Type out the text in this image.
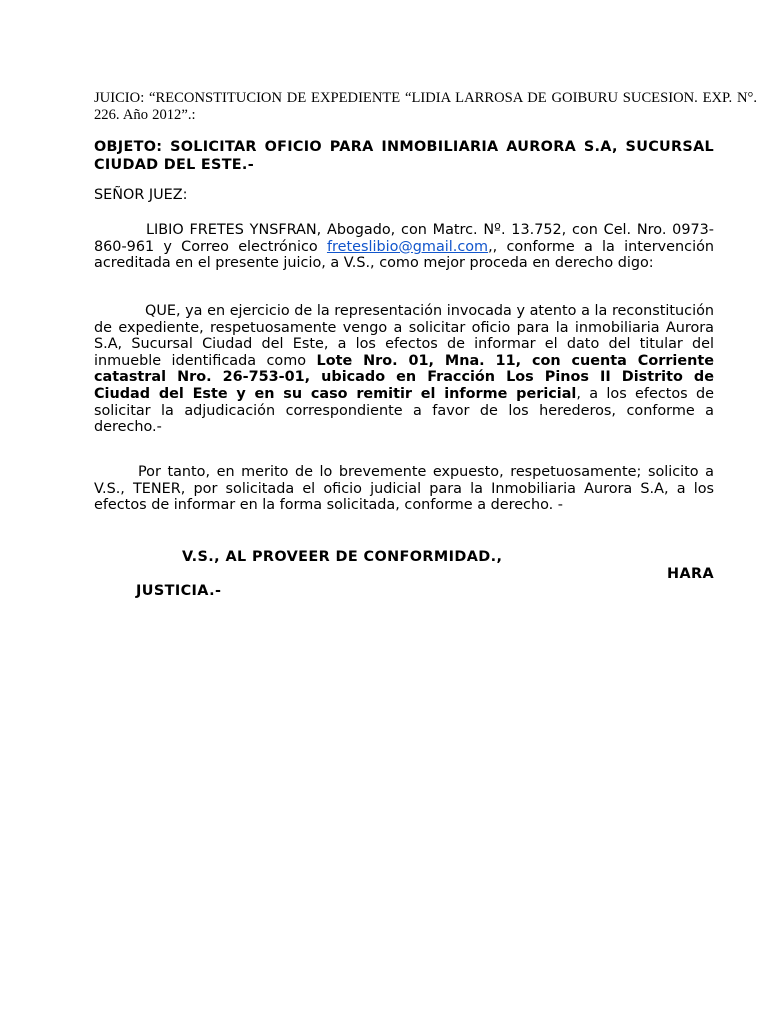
JUICIO: “RECONSTITUCION DE EXPEDIENTE “LIDIA LARROSA DE GOIBURU SUCESION. EXP. N°. 226. Año 2012”.:
OBJETO: SOLICITAR OFICIO PARA INMOBILIARIA AURORA S.A, SUCURSAL CIUDAD DEL ESTE.-
SEÑOR JUEZ:
LIBIO FRETES YNSFRAN, Abogado, con Matrc. Nº. 13.752, con Cel. Nro. 0973-860-961 y Correo electrónico freteslibio@gmail.com,, conforme a la intervención acreditada en el presente juicio, a V.S., como mejor proceda en derecho digo:
QUE, ya en ejercicio de la representación invocada y atento a la reconstitución de expediente, respetuosamente vengo a solicitar oficio para la inmobiliaria Aurora S.A, Sucursal Ciudad del Este, a los efectos de informar el dato del titular del inmueble identificada como Lote Nro. 01, Mna. 11, con cuenta Corriente catastral Nro. 26-753-01, ubicado en Fracción Los Pinos II Distrito de Ciudad del Este y en su caso remitir el informe pericial, a los efectos de solicitar la adjudicación correspondiente a favor de los herederos, conforme a derecho.-
Por tanto, en merito de lo brevemente expuesto, respetuosamente; solicito a V.S., TENER, por solicitada el oficio judicial para la Inmobiliaria Aurora S.A, a los efectos de informar en la forma solicitada, conforme a derecho. -
V.S., AL PROVEER DE CONFORMIDAD.,
HARA
JUSTICIA.-
